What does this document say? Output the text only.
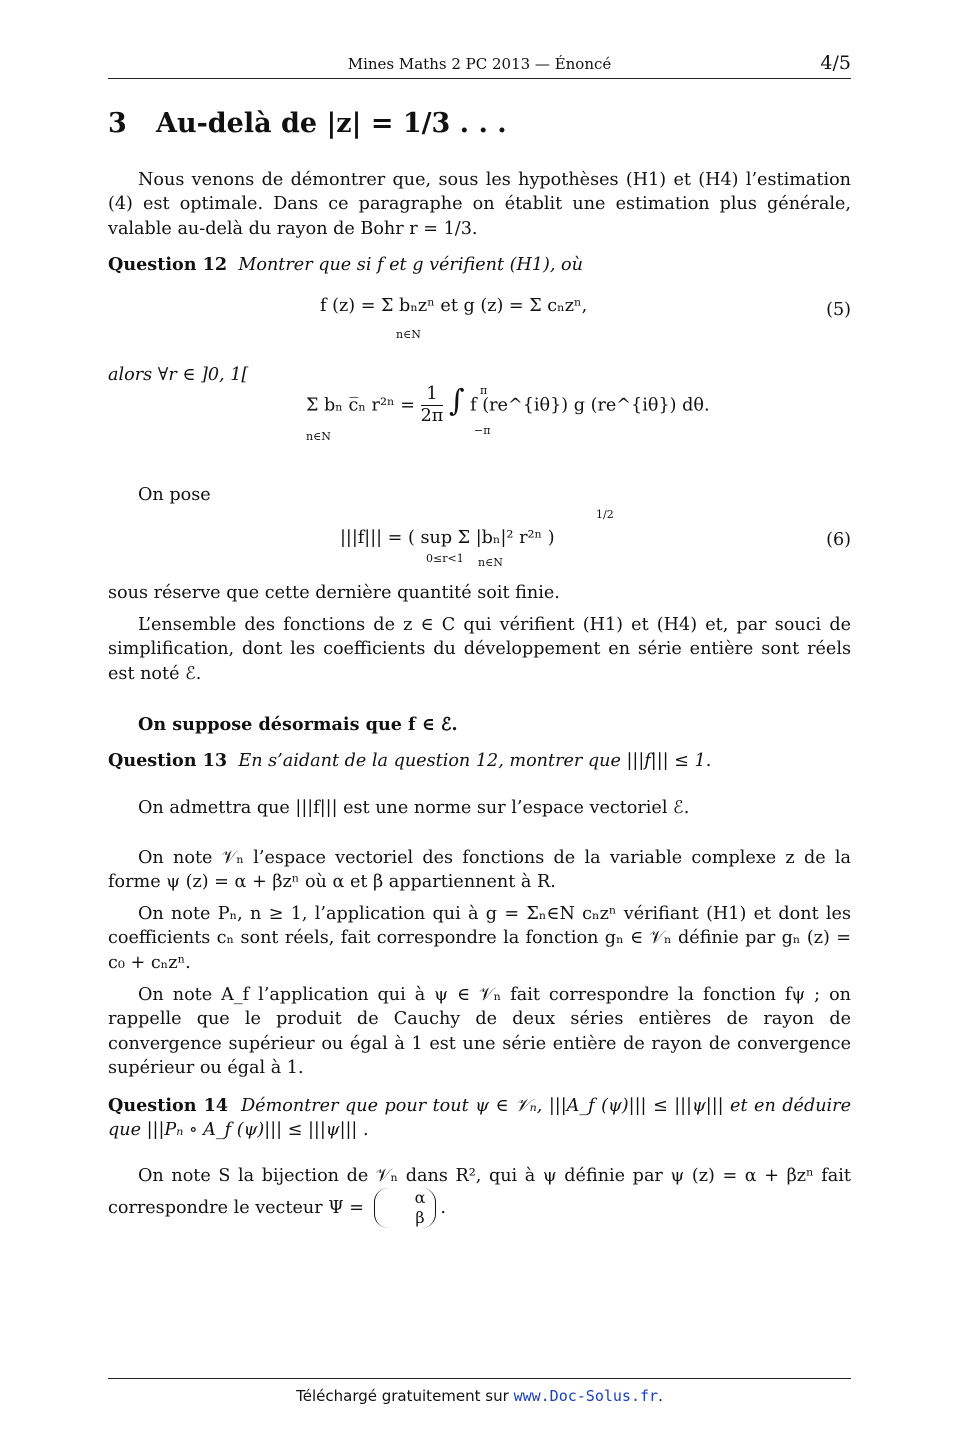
Mines Maths 2 PC 2013 — Énoncé	4/5
3 Au-delà de |z| = 1/3 . . .
Nous venons de démontrer que, sous les hypothèses (H1) et (H4) l’estimation (4) est optimale. Dans ce paragraphe on établit une estimation plus générale, valable au-delà du rayon de Bohr r = 1/3.
Question 12 Montrer que si f et g vérifient (H1), où
f (z) = Σ bₙzⁿ et g (z) = Σ cₙzⁿ,
n∈N
(5)
alors ∀r ∈ ]0, 1[
Σ bₙ c̅ₙ $r^{2n} = \frac{1}{2\pi}$ ∫ f (re^{iθ}) g (re^{iθ}) dθ.
n∈N
π
−π
On pose
|||f||| = ( sup Σ |bₙ|² r²ⁿ )
0≤r<1 n∈N
1/2
(6)
sous réserve que cette dernière quantité soit finie.
L’ensemble des fonctions de z ∈ C qui vérifient (H1) et (H4) et, par souci de simplification, dont les coefficients du développement en série entière sont réels est noté ℰ.
On suppose désormais que f ∈ ℰ.
Question 13 En s’aidant de la question 12, montrer que |||f||| ≤ 1.
On admettra que |||f||| est une norme sur l’espace vectoriel ℰ.
On note 𝒱ₙ l’espace vectoriel des fonctions de la variable complexe z de la forme ψ (z) = α + βzⁿ où α et β appartiennent à R.
On note Pₙ, n ≥ 1, l’application qui à g = Σₙ∈N cₙzⁿ vérifiant (H1) et dont les coefficients cₙ sont réels, fait correspondre la fonction gₙ ∈ 𝒱ₙ définie par gₙ (z) = c₀ + cₙzⁿ.
On note A_f l’application qui à ψ ∈ 𝒱ₙ fait correspondre la fonction fψ ; on rappelle que le produit de Cauchy de deux séries entières de rayon de convergence supérieur ou égal à 1 est une série entière de rayon de convergence supérieur ou égal à 1.
Question 14 Démontrer que pour tout ψ ∈ 𝒱ₙ, |||A_f (ψ)||| ≤ |||ψ||| et en déduire que |||Pₙ ∘ A_f (ψ)||| ≤ |||ψ||| .
On note S la bijection de 𝒱ₙ dans R², qui à ψ définie par ψ (z) = α + βzⁿ fait correspondre le vecteur Ψ =
α
β .
Téléchargé gratuitement sur www.Doc-Solus.fr.
